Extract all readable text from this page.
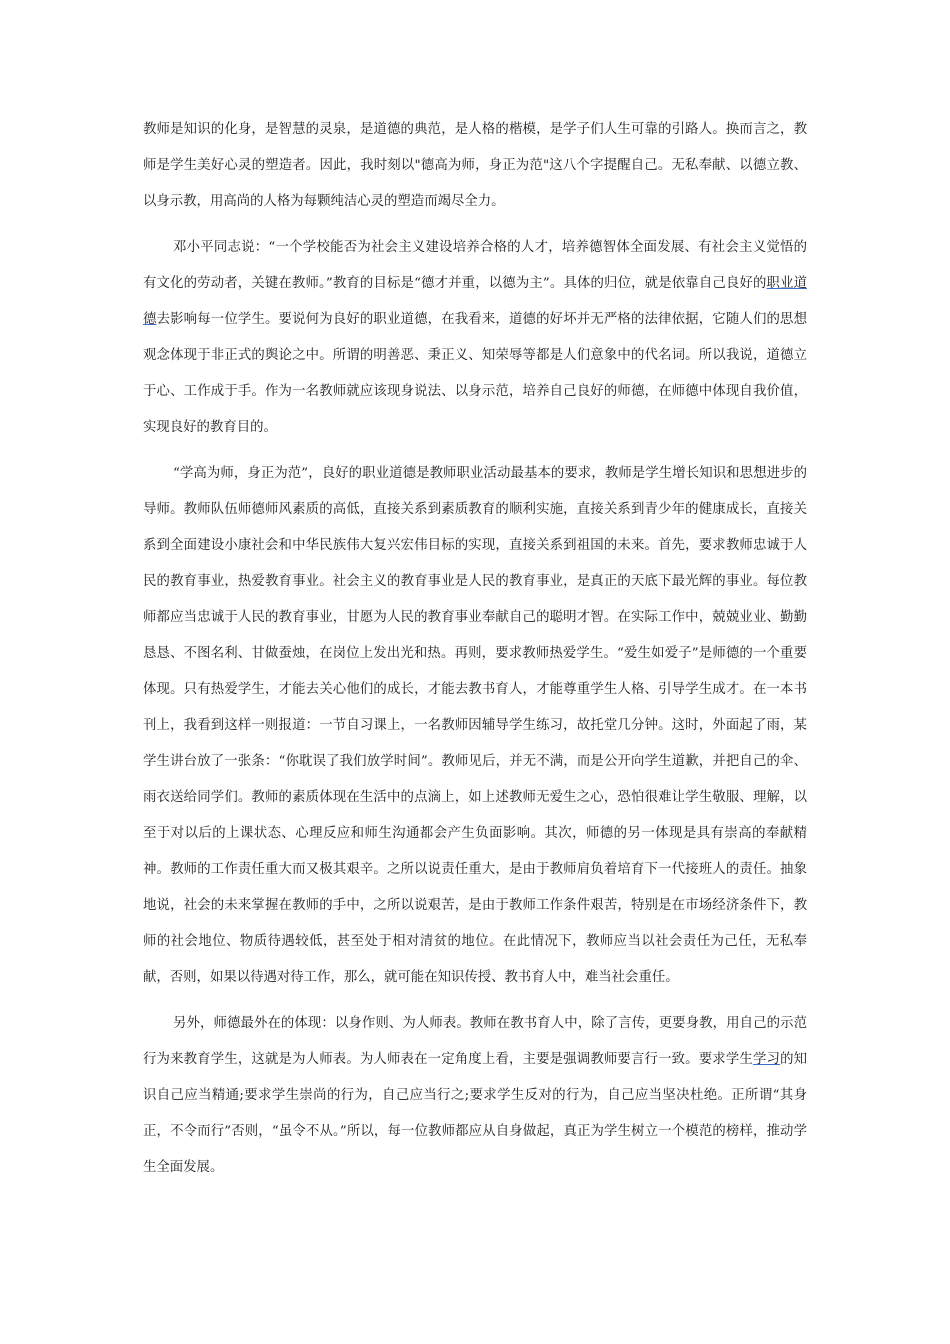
教师是知识的化身，是智慧的灵泉，是道德的典范，是人格的楷模，是学子们人生可靠的引路人。换而言之，教师是学生美好心灵的塑造者。因此，我时刻以"德高为师，身正为范"这八个字提醒自己。无私奉献、以德立教、以身示教，用高尚的人格为每颗纯洁心灵的塑造而竭尽全力。

邓小平同志说：“一个学校能否为社会主义建设培养合格的人才，培养德智体全面发展、有社会主义觉悟的有文化的劳动者，关键在教师。”教育的目标是“德才并重，以德为主”。具体的归位，就是依靠自己良好的职业道德去影响每一位学生。要说何为良好的职业道德，在我看来，道德的好坏并无严格的法律依据，它随人们的思想观念体现于非正式的舆论之中。所谓的明善恶、秉正义、知荣辱等都是人们意象中的代名词。所以我说，道德立于心、工作成于手。作为一名教师就应该现身说法、以身示范，培养自己良好的师德，在师德中体现自我价值，实现良好的教育目的。

“学高为师，身正为范”，良好的职业道德是教师职业活动最基本的要求，教师是学生增长知识和思想进步的导师。教师队伍师德师风素质的高低，直接关系到素质教育的顺利实施，直接关系到青少年的健康成长，直接关系到全面建设小康社会和中华民族伟大复兴宏伟目标的实现，直接关系到祖国的未来。首先，要求教师忠诚于人民的教育事业，热爱教育事业。社会主义的教育事业是人民的教育事业，是真正的天底下最光辉的事业。每位教师都应当忠诚于人民的教育事业，甘愿为人民的教育事业奉献自己的聪明才智。在实际工作中，兢兢业业、勤勤恳恳、不图名利、甘做蚕烛，在岗位上发出光和热。再则，要求教师热爱学生。“爱生如爱子”是师德的一个重要体现。只有热爱学生，才能去关心他们的成长，才能去教书育人，才能尊重学生人格、引导学生成才。在一本书刊上，我看到这样一则报道：一节自习课上，一名教师因辅导学生练习，故托堂几分钟。这时，外面起了雨，某学生讲台放了一张条：“你耽误了我们放学时间”。教师见后，并无不满，而是公开向学生道歉，并把自己的伞、雨衣送给同学们。教师的素质体现在生活中的点滴上，如上述教师无爱生之心，恐怕很难让学生敬服、理解，以至于对以后的上课状态、心理反应和师生沟通都会产生负面影响。其次，师德的另一体现是具有崇高的奉献精神。教师的工作责任重大而又极其艰辛。之所以说责任重大，是由于教师肩负着培育下一代接班人的责任。抽象地说，社会的未来掌握在教师的手中，之所以说艰苦，是由于教师工作条件艰苦，特别是在市场经济条件下，教师的社会地位、物质待遇较低，甚至处于相对清贫的地位。在此情况下，教师应当以社会责任为己任，无私奉献，否则，如果以待遇对待工作，那么，就可能在知识传授、教书育人中，难当社会重任。

另外，师德最外在的体现：以身作则、为人师表。教师在教书育人中，除了言传，更要身教，用自己的示范行为来教育学生，这就是为人师表。为人师表在一定角度上看，主要是强调教师要言行一致。要求学生学习的知识自己应当精通;要求学生崇尚的行为，自己应当行之;要求学生反对的行为，自己应当坚决杜绝。正所谓“其身正，不令而行”否则，“虽令不从。”所以，每一位教师都应从自身做起，真正为学生树立一个模范的榜样，推动学生全面发展。
